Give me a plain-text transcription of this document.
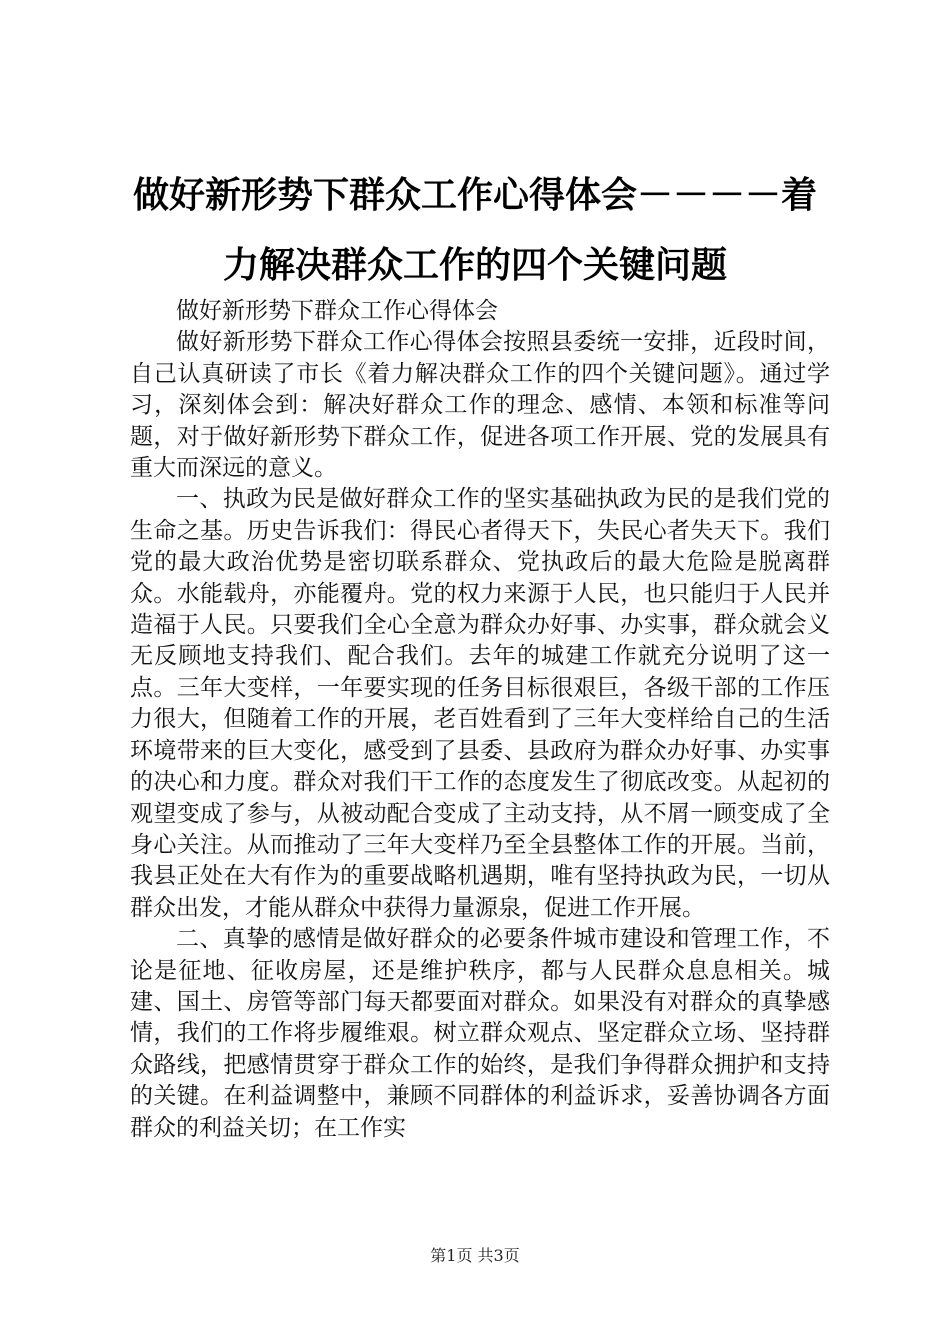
做好新形势下群众工作心得体会－－－－着力解决群众工作的四个关键问题

做好新形势下群众工作心得体会

做好新形势下群众工作心得体会按照县委统一安排，近段时间，自己认真研读了市长《着力解决群众工作的四个关键问题》。通过学习，深刻体会到：解决好群众工作的理念、感情、本领和标准等问题，对于做好新形势下群众工作，促进各项工作开展、党的发展具有重大而深远的意义。

一、执政为民是做好群众工作的坚实基础执政为民的是我们党的生命之基。历史告诉我们：得民心者得天下，失民心者失天下。我们党的最大政治优势是密切联系群众、党执政后的最大危险是脱离群众。水能载舟，亦能覆舟。党的权力来源于人民，也只能归于人民并造福于人民。只要我们全心全意为群众办好事、办实事，群众就会义无反顾地支持我们、配合我们。去年的城建工作就充分说明了这一点。三年大变样，一年要实现的任务目标很艰巨，各级干部的工作压力很大，但随着工作的开展，老百姓看到了三年大变样给自己的生活环境带来的巨大变化，感受到了县委、县政府为群众办好事、办实事的决心和力度。群众对我们干工作的态度发生了彻底改变。从起初的观望变成了参与，从被动配合变成了主动支持，从不屑一顾变成了全身心关注。从而推动了三年大变样乃至全县整体工作的开展。当前，我县正处在大有作为的重要战略机遇期，唯有坚持执政为民，一切从群众出发，才能从群众中获得力量源泉，促进工作开展。

二、真挚的感情是做好群众的必要条件城市建设和管理工作，不论是征地、征收房屋，还是维护秩序，都与人民群众息息相关。城建、国土、房管等部门每天都要面对群众。如果没有对群众的真挚感情，我们的工作将步履维艰。树立群众观点、坚定群众立场、坚持群众路线，把感情贯穿于群众工作的始终，是我们争得群众拥护和支持的关键。在利益调整中，兼顾不同群体的利益诉求，妥善协调各方面群众的利益关切；在工作实

第1页 共3页
